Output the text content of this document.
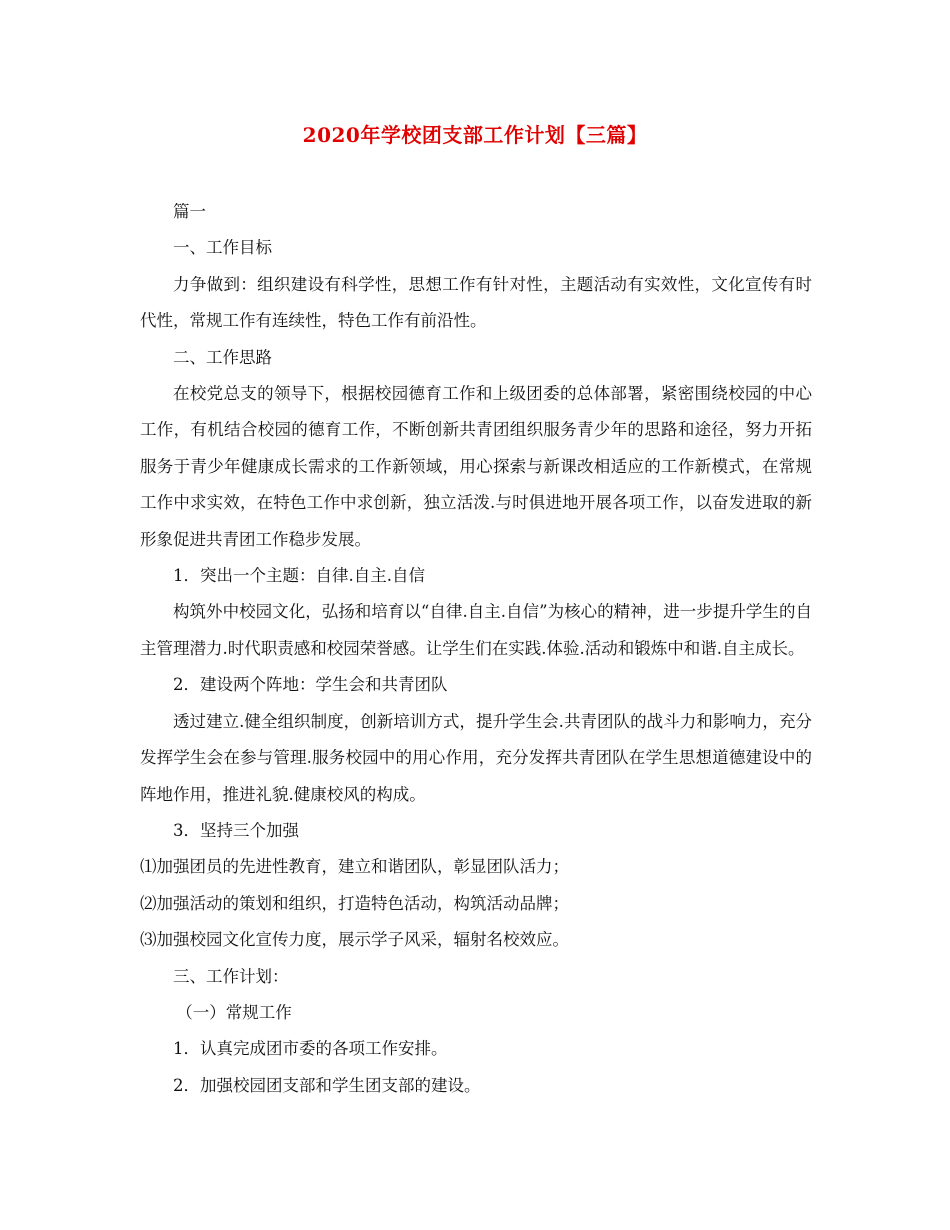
2020年学校团支部工作计划【三篇】

篇一

一、工作目标

力争做到：组织建设有科学性，思想工作有针对性，主题活动有实效性，文化宣传有时代性，常规工作有连续性，特色工作有前沿性。

二、工作思路

在校党总支的领导下，根据校园德育工作和上级团委的总体部署，紧密围绕校园的中心工作，有机结合校园的德育工作，不断创新共青团组织服务青少年的思路和途径，努力开拓服务于青少年健康成长需求的工作新领域，用心探索与新课改相适应的工作新模式，在常规工作中求实效，在特色工作中求创新，独立活泼.与时俱进地开展各项工作，以奋发进取的新形象促进共青团工作稳步发展。

1．突出一个主题：自律.自主.自信

构筑外中校园文化，弘扬和培育以“自律.自主.自信”为核心的精神，进一步提升学生的自主管理潜力.时代职责感和校园荣誉感。让学生们在实践.体验.活动和锻炼中和谐.自主成长。

2．建设两个阵地：学生会和共青团队

透过建立.健全组织制度，创新培训方式，提升学生会.共青团队的战斗力和影响力，充分发挥学生会在参与管理.服务校园中的用心作用，充分发挥共青团队在学生思想道德建设中的阵地作用，推进礼貌.健康校风的构成。

3．坚持三个加强

⑴加强团员的先进性教育，建立和谐团队，彰显团队活力；

⑵加强活动的策划和组织，打造特色活动，构筑活动品牌；

⑶加强校园文化宣传力度，展示学子风采，辐射名校效应。

三、工作计划：

（一）常规工作

1．认真完成团市委的各项工作安排。

2．加强校园团支部和学生团支部的建设。
